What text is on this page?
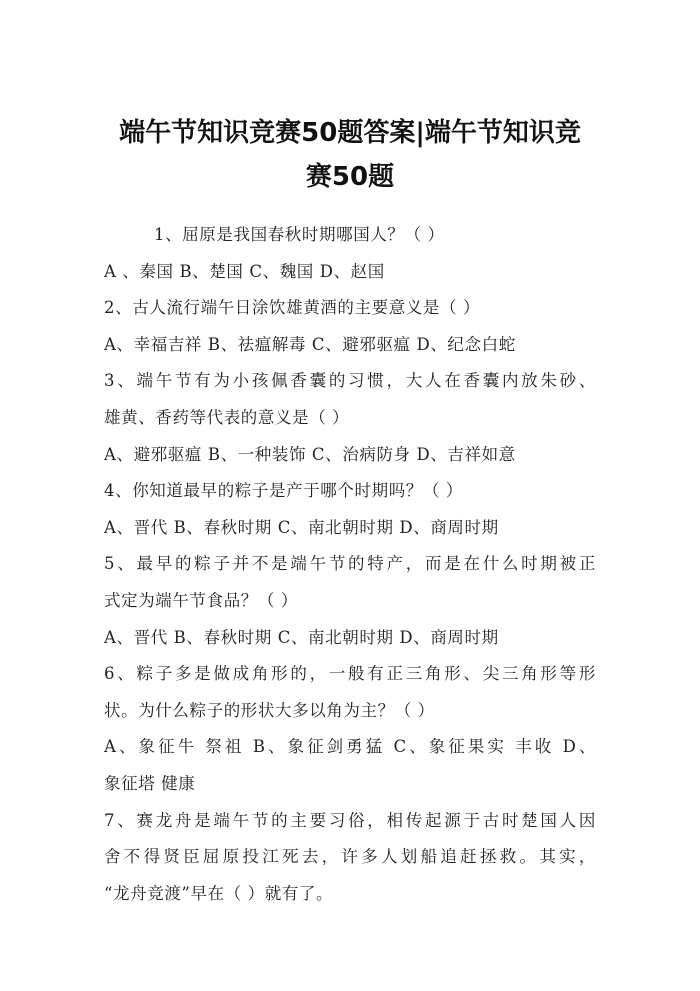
端午节知识竞赛50题答案|端午节知识竞
赛50题
1、屈原是我国春秋时期哪国人？（ ）
A 、秦国 B、楚国 C、魏国 D、赵国
2、古人流行端午日涂饮雄黄酒的主要意义是（ ）
A、幸福吉祥 B、祛瘟解毒 C、避邪驱瘟 D、纪念白蛇
3、端午节有为小孩佩香囊的习惯，大人在香囊内放朱砂、
雄黄、香药等代表的意义是（ ）
A、避邪驱瘟 B、一种装饰 C、治病防身 D、吉祥如意
4、你知道最早的粽子是产于哪个时期吗？（ ）
A、晋代 B、春秋时期 C、南北朝时期 D、商周时期
5、最早的粽子并不是端午节的特产，而是在什么时期被正
式定为端午节食品？（ ）
A、晋代 B、春秋时期 C、南北朝时期 D、商周时期
6、粽子多是做成角形的，一般有正三角形、尖三角形等形
状。为什么粽子的形状大多以角为主？（ ）
A、象征牛 祭祖 B、象征剑勇猛 C、象征果实 丰收 D、
象征塔 健康
7、赛龙舟是端午节的主要习俗，相传起源于古时楚国人因
舍不得贤臣屈原投江死去，许多人划船追赶拯救。其实，
“龙舟竞渡”早在（ ）就有了。
